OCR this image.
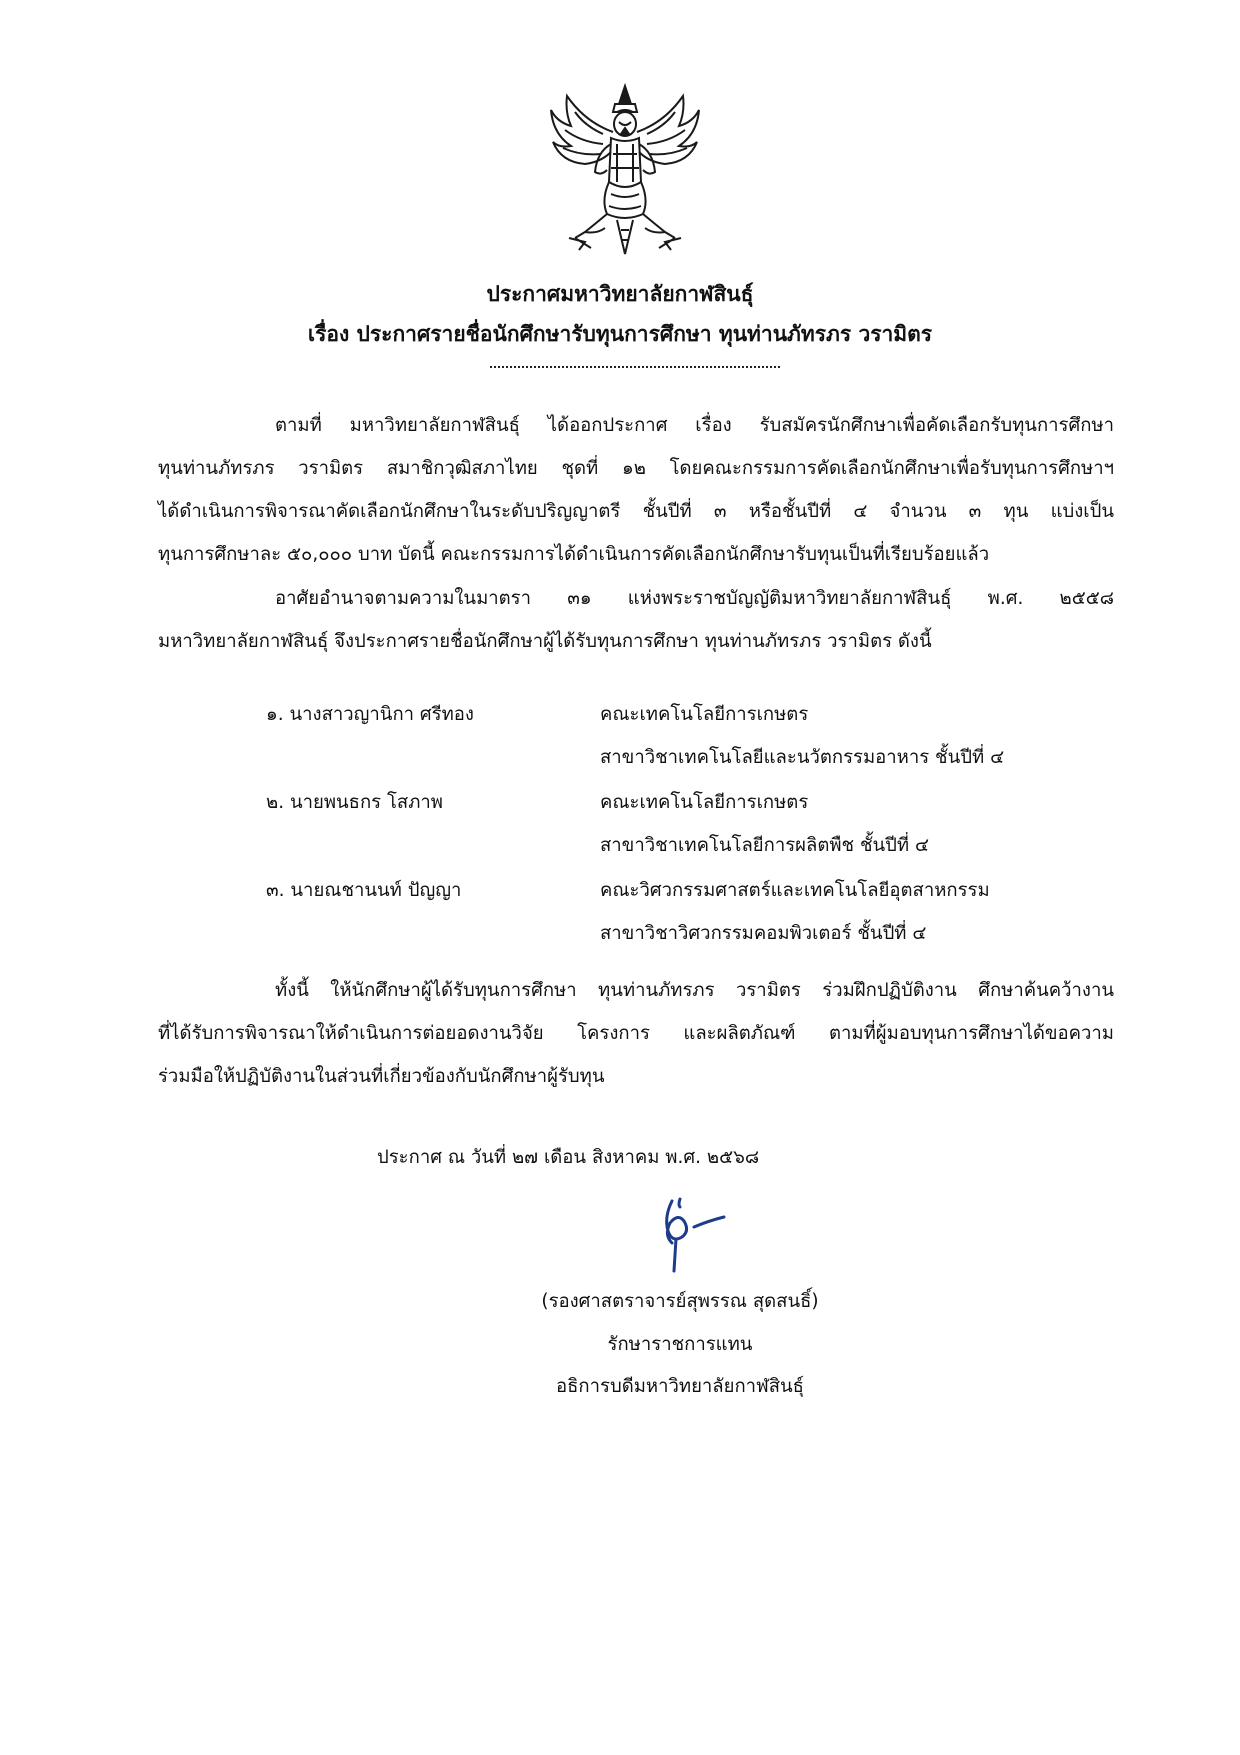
ประกาศมหาวิทยาลัยกาฬสินธุ์
เรื่อง ประกาศรายชื่อนักศึกษารับทุนการศึกษา ทุนท่านภัทรภร วรามิตร
ตามที่ มหาวิทยาลัยกาฬสินธุ์ ได้ออกประกาศ เรื่อง รับสมัครนักศึกษาเพื่อคัดเลือกรับทุนการศึกษา
ทุนท่านภัทรภร วรามิตร สมาชิกวุฒิสภาไทย ชุดที่ ๑๒ โดยคณะกรรมการคัดเลือกนักศึกษาเพื่อรับทุนการศึกษาฯ
ได้ดำเนินการพิจารณาคัดเลือกนักศึกษาในระดับปริญญาตรี ชั้นปีที่ ๓ หรือชั้นปีที่ ๔ จำนวน ๓ ทุน แบ่งเป็น
ทุนการศึกษาละ ๕๐,๐๐๐ บาท บัดนี้ คณะกรรมการได้ดำเนินการคัดเลือกนักศึกษารับทุนเป็นที่เรียบร้อยแล้ว
อาศัยอำนาจตามความในมาตรา ๓๑ แห่งพระราชบัญญัติมหาวิทยาลัยกาฬสินธุ์ พ.ศ. ๒๕๕๘
มหาวิทยาลัยกาฬสินธุ์ จึงประกาศรายชื่อนักศึกษาผู้ได้รับทุนการศึกษา ทุนท่านภัทรภร วรามิตร ดังนี้
๑. นางสาวญานิกา ศรีทอง	คณะเทคโนโลยีการเกษตร
สาขาวิชาเทคโนโลยีและนวัตกรรมอาหาร ชั้นปีที่ ๔
๒. นายพนธกร โสภาพ	คณะเทคโนโลยีการเกษตร
สาขาวิชาเทคโนโลยีการผลิตพืช ชั้นปีที่ ๔
๓. นายณชานนท์ ปัญญา	คณะวิศวกรรมศาสตร์และเทคโนโลยีอุตสาหกรรม
สาขาวิชาวิศวกรรมคอมพิวเตอร์ ชั้นปีที่ ๔
ทั้งนี้ ให้นักศึกษาผู้ได้รับทุนการศึกษา ทุนท่านภัทรภร วรามิตร ร่วมฝึกปฏิบัติงาน ศึกษาค้นคว้างาน
ที่ได้รับการพิจารณาให้ดำเนินการต่อยอดงานวิจัย โครงการ และผลิตภัณฑ์ ตามที่ผู้มอบทุนการศึกษาได้ขอความ
ร่วมมือให้ปฏิบัติงานในส่วนที่เกี่ยวข้องกับนักศึกษาผู้รับทุน
ประกาศ ณ วันที่ ๒๗ เดือน สิงหาคม พ.ศ. ๒๕๖๘
(รองศาสตราจารย์สุพรรณ สุดสนธิ์)
รักษาราชการแทน
อธิการบดีมหาวิทยาลัยกาฬสินธุ์
